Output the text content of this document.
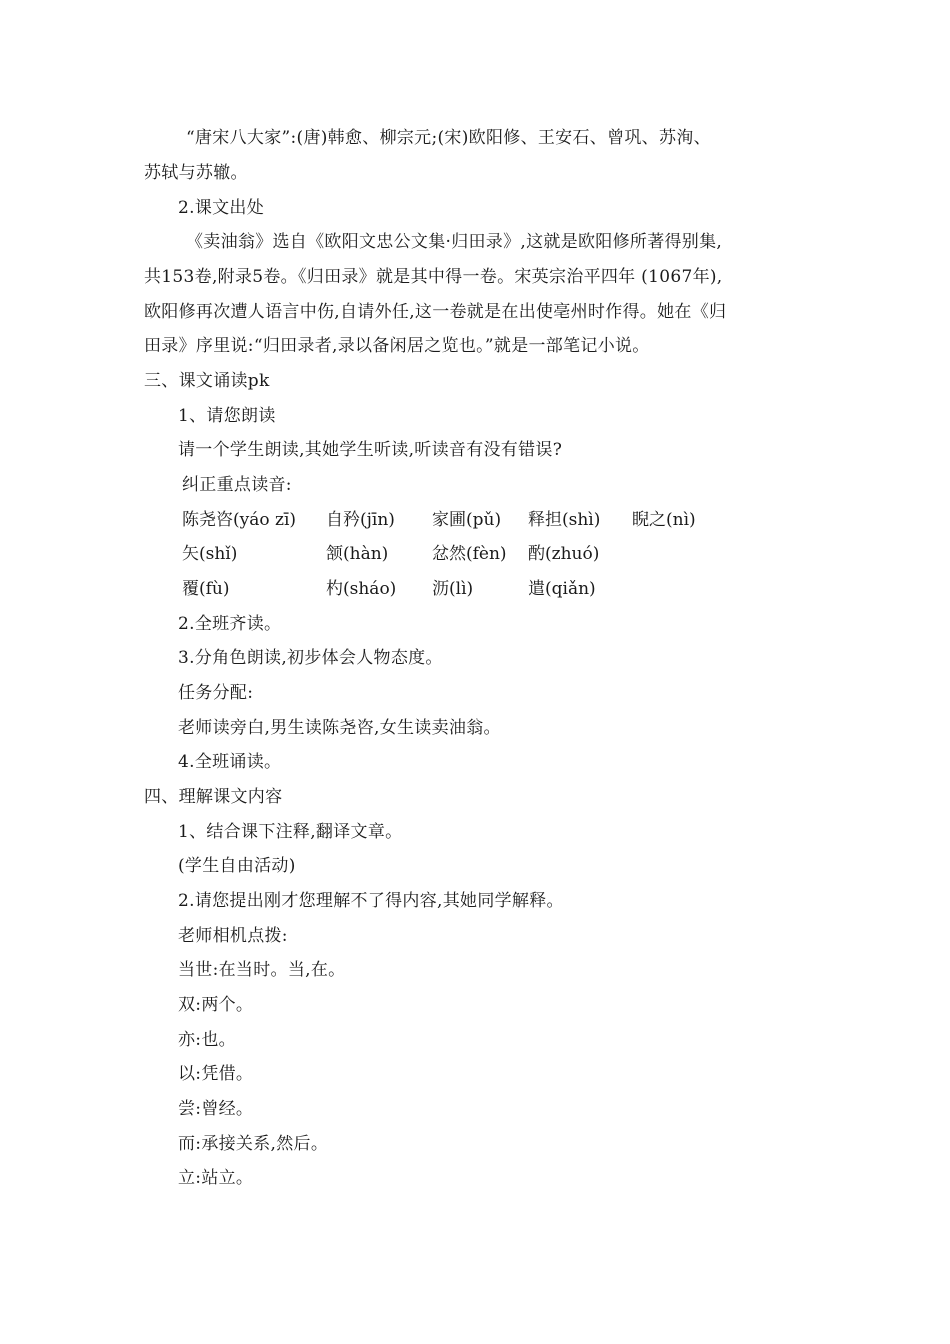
“唐宋八大家”:(唐)韩愈、柳宗元;(宋)欧阳修、王安石、曾巩、苏洵、
苏轼与苏辙。
2.课文出处
《卖油翁》选自《欧阳文忠公文集·归田录》,这就是欧阳修所著得别集,
共153卷,附录5卷。《归田录》就是其中得一卷。宋英宗治平四年 (1067年),
欧阳修再次遭人语言中伤,自请外任,这一卷就是在出使亳州时作得。她在《归
田录》序里说:“归田录者,录以备闲居之览也。”就是一部笔记小说。
三、课文诵读pk
1、请您朗读
请一个学生朗读,其她学生听读,听读音有没有错误?
纠正重点读音:
陈尧咨(yáo zī) 自矜(jīn) 家圃(pǔ) 释担(shì) 睨之(nì)
矢(shǐ)	颔(hàn)	忿然(fèn) 酌(zhuó)
覆(fù)	杓(sháo) 沥(lì)	遣(qiǎn)
2.全班齐读。
3.分角色朗读,初步体会人物态度。
任务分配:
老师读旁白,男生读陈尧咨,女生读卖油翁。
4.全班诵读。
四、理解课文内容
1、结合课下注释,翻译文章。
(学生自由活动)
2.请您提出刚才您理解不了得内容,其她同学解释。
老师相机点拨:
当世:在当时。当,在。
双:两个。
亦:也。
以:凭借。
尝:曾经。
而:承接关系,然后。
立:站立。
